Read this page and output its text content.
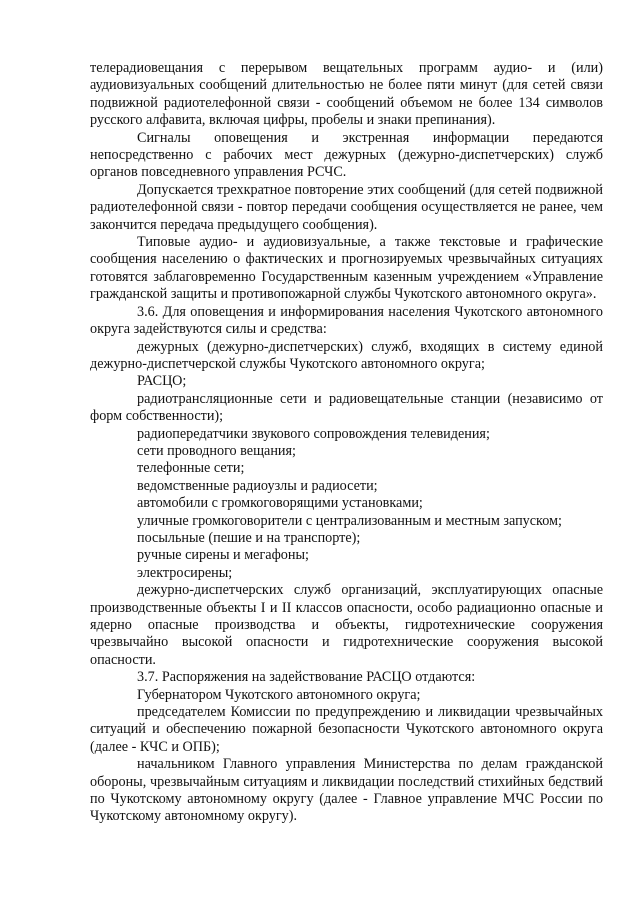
телерадиовещания с перерывом вещательных программ аудио- и (или) аудиовизуальных сообщений длительностью не более пяти минут (для сетей связи подвижной радиотелефонной связи - сообщений объемом не более 134 символов русского алфавита, включая цифры, пробелы и знаки препинания).

Сигналы оповещения и экстренная информации передаются непосредственно с рабочих мест дежурных (дежурно-диспетчерских) служб органов повседневного управления РСЧС.

Допускается трехкратное повторение этих сообщений (для сетей подвижной радиотелефонной связи - повтор передачи сообщения осуществляется не ранее, чем закончится передача предыдущего сообщения).

Типовые аудио- и аудиовизуальные, а также текстовые и графические сообщения населению о фактических и прогнозируемых чрезвычайных ситуациях готовятся заблаговременно Государственным казенным учреждением «Управление гражданской защиты и противопожарной службы Чукотского автономного округа».

3.6. Для оповещения и информирования населения Чукотского автономного округа задействуются силы и средства:

дежурных (дежурно-диспетчерских) служб, входящих в систему единой дежурно-диспетчерской службы Чукотского автономного округа;

РАСЦО;

радиотрансляционные сети и радиовещательные станции (независимо от форм собственности);

радиопередатчики звукового сопровождения телевидения;

сети проводного вещания;

телефонные сети;

ведомственные радиоузлы и радиосети;

автомобили с громкоговорящими установками;

уличные громкоговорители с централизованным и местным запуском;

посыльные (пешие и на транспорте);

ручные сирены и мегафоны;

электросирены;

дежурно-диспетчерских служб организаций, эксплуатирующих опасные производственные объекты I и II классов опасности, особо радиационно опасные и ядерно опасные производства и объекты, гидротехнические сооружения чрезвычайно высокой опасности и гидротехнические сооружения высокой опасности.

3.7. Распоряжения на задействование РАСЦО отдаются:

Губернатором Чукотского автономного округа;

председателем Комиссии по предупреждению и ликвидации чрезвычайных ситуаций и обеспечению пожарной безопасности Чукотского автономного округа (далее - КЧС и ОПБ);

начальником Главного управления Министерства по делам гражданской обороны, чрезвычайным ситуациям и ликвидации последствий стихийных бедствий по Чукотскому автономному округу (далее - Главное управление МЧС России по Чукотскому автономному округу).
